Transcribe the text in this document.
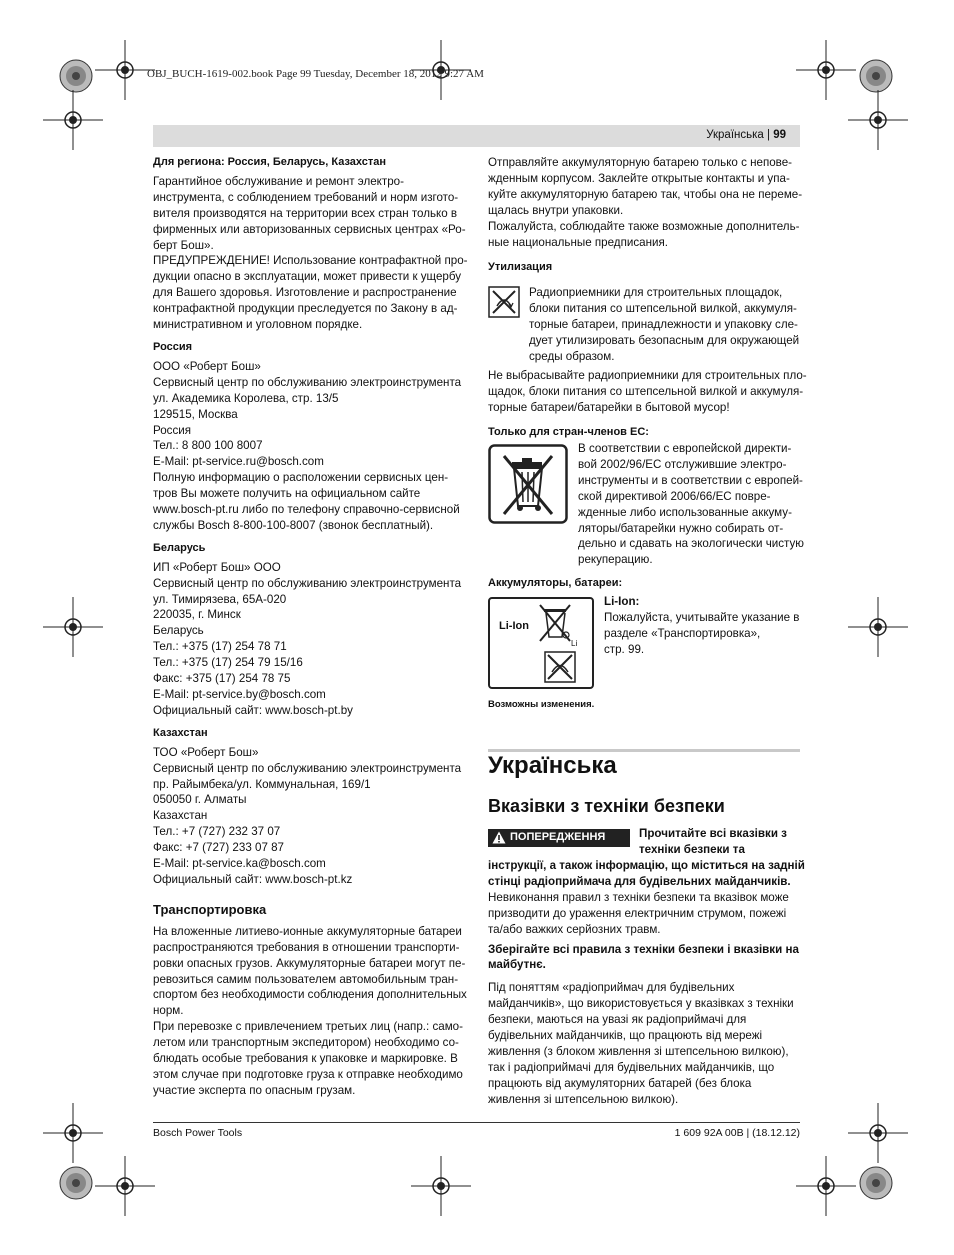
OBJ_BUCH-1619-002.book Page 99 Tuesday, December 18, 2012 9:27 AM
Українська | 99

Для региона: Россия, Беларусь, Казахстан

Гарантийное обслуживание и ремонт электро-
инструмента, с соблюдением требований и норм изгото-
вителя производятся на территории всех стран только в
фирменных или авторизованных сервисных центрах «Ро-
берт Бош».
ПРЕДУПРЕЖДЕНИЕ! Использование контрафактной про-
дукции опасно в эксплуатации, может привести к ущербу
для Вашего здоровья. Изготовление и распространение
контрафактной продукции преследуется по Закону в ад-
министративном и уголовном порядке.

Россия

ООО «Роберт Бош»
Сервисный центр по обслуживанию электроинструмента
ул. Академика Королева, стр. 13/5
129515, Москва
Россия
Тел.: 8 800 100 8007
E-Mail: pt-service.ru@bosch.com
Полную информацию о расположении сервисных цен-
тров Вы можете получить на официальном сайте
www.bosch-pt.ru либо по телефону справочно-сервисной
службы Bosch 8-800-100-8007 (звонок бесплатный).

Беларусь

ИП «Роберт Бош» ООО
Сервисный центр по обслуживанию электроинструмента
ул. Тимирязева, 65А-020
220035, г. Минск
Беларусь
Тел.: +375 (17) 254 78 71
Тел.: +375 (17) 254 79 15/16
Факс: +375 (17) 254 78 75
E-Mail: pt-service.by@bosch.com
Официальный сайт: www.bosch-pt.by

Казахстан

ТОО «Роберт Бош»
Сервисный центр по обслуживанию электроинструмента
пр. Райымбека/ул. Коммунальная, 169/1
050050 г. Алматы
Казахстан
Тел.: +7 (727) 232 37 07
Факс: +7 (727) 233 07 87
E-Mail: pt-service.ka@bosch.com
Официальный сайт: www.bosch-pt.kz

Транспортировка

На вложенные литиево-ионные аккумуляторные батареи
распространяются требования в отношении транспорти-
ровки опасных грузов. Аккумуляторные батареи могут пе-
ревозиться самим пользователем автомобильным тран-
спортом без необходимости соблюдения дополнительных
норм.
При перевозке с привлечением третьих лиц (напр.: само-
летом или транспортным экспедитором) необходимо со-
блюдать особые требования к упаковке и маркировке. В
этом случае при подготовке груза к отправке необходимо
участие эксперта по опасным грузам.

Отправляйте аккумуляторную батарею только с непове-
жденным корпусом. Заклейте открытые контакты и упа-
куйте аккумуляторную батарею так, чтобы она не переме-
щалась внутри упаковки.
Пожалуйста, соблюдайте также возможные дополнитель-
ные национальные предписания.

Утилизация

Радиоприемники для строительных площадок,
блоки питания со штепсельной вилкой, аккумуля-
торные батареи, принадлежности и упаковку сле-
дует утилизировать безопасным для окружающей
среды образом.

Не выбрасывайте радиоприемники для строительных пло-
щадок, блоки питания со штепсельной вилкой и аккумуля-
торные батареи/батарейки в бытовой мусор!

Только для стран-членов ЕС:

В соответствии с европейской директи-
вой 2002/96/ЕС отслужившие электро-
инструменты и в соответствии с европей-
ской директивой 2006/66/ЕС повре-
жденные либо использованные аккуму-
ляторы/батарейки нужно собирать от-
дельно и сдавать на экологически чистую
рекуперацию.

Аккумуляторы, батареи:

Li-Ion
Li

Li-Ion:

Пожалуйста, учитывайте указание в
разделе «Транспортировка»,
стр. 99.

Возможны изменения.

Українська
Вказівки з техніки безпеки
ПОПЕРЕДЖЕННЯ	Прочитайте всі вказівки з
техніки безпеки та

інструкції, а також інформацію, що міститься на задній
стінці радіоприймача для будівельних майданчиків.

Невиконання правил з техніки безпеки та вказівок може
призводити до ураження електричним струмом, пожежі
та/або важких серйозних травм.

Зберігайте всі правила з техніки безпеки і вказівки на
майбутнє.

Під поняттям «радіоприймач для будівельних
майданчиків», що використовується у вказівках з техніки
безпеки, маються на увазі як радіоприймачі для
будівельних майданчиків, що працюють від мережі
живлення (з блоком живлення зі штепсельною вилкою),
так і радіоприймачі для будівельних майданчиків, що
працюють від акумуляторних батарей (без блока
живлення зі штепсельною вилкою).

Bosch Power Tools	1 609 92A 00B | (18.12.12)
